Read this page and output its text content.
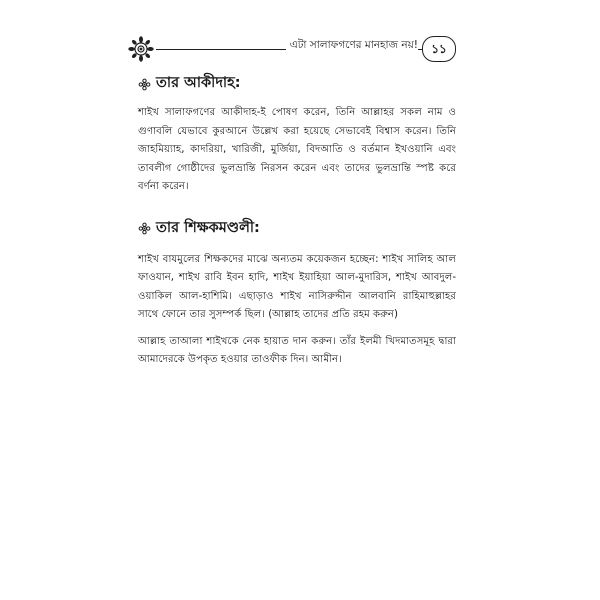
এটা সালাফগণের মানহাজ নয়!	১১
তার আকীদাহ:

শাইখ সালাফগণের আকীদাহ-ই পোষণ করেন, তিনি আল্লাহর সকল নাম ও গুণাবলি যেভাবে কুরআনে উল্লেখ করা হয়েছে সেভাবেই বিশ্বাস করেন। তিনি জাহমিয়্যাহ, কাদরিয়া, খারিজী, মুর্জিয়া, বিদআতি ও বর্তমান ইখওয়ানি এবং তাবলীগ গোষ্ঠীদের ভুলভ্রান্তি নিরসন করেন এবং তাদের ভুলভ্রান্তি স্পষ্ট করে বর্ণনা করেন।

তার শিক্ষকমণ্ডলী:

শাইখ বাযমুলের শিক্ষকদের মাঝে অন্যতম কয়েকজন হচ্ছেন: শাইখ সালিহ আল ফাওযান, শাইখ রাবি ইবন হাদি, শাইখ ইয়াহিয়া আল-মুদারিস, শাইখ আবদুল-ওয়াকিল আল-হাশিমি। এছাড়াও শাইখ নাসিরুদ্দীন আলবানি রাহিমাহুল্লাহর সাথে ফোনে তার সুসম্পর্ক ছিল। (আল্লাহ তাদের প্রতি রহম করুন)

আল্লাহ তাআলা শাইখকে নেক হায়াত দান করুন। তাঁর ইলমী খিদমাতসমূহ দ্বারা আমাদেরকে উপকৃত হওয়ার তাওফীক দিন। আমীন।
